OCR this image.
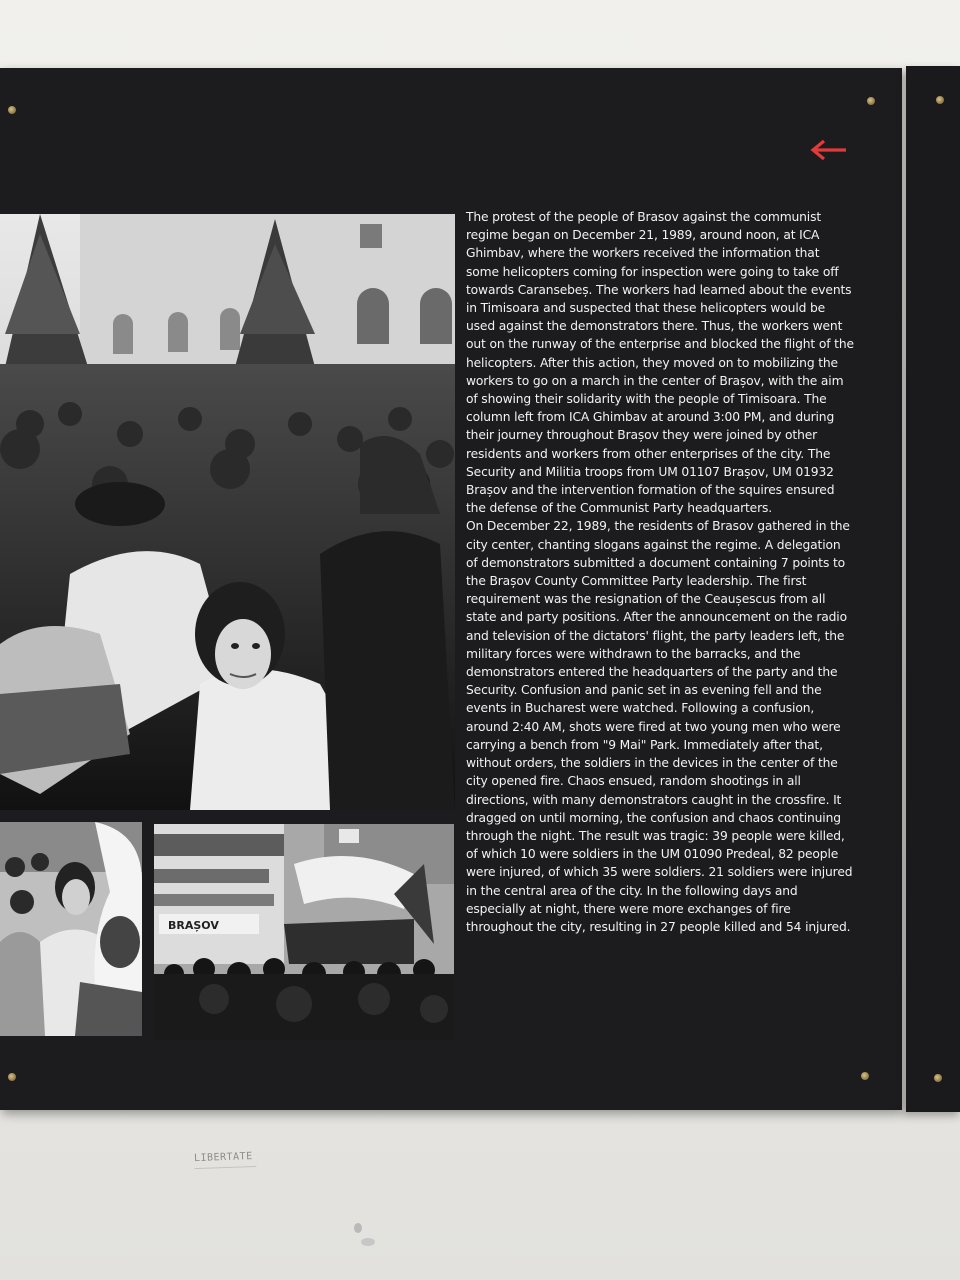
BRAȘOV

The protest of the people of Brasov against the communist regime began on December 21, 1989, around noon, at ICA Ghimbav, where the workers received the information that some helicopters coming for inspection were going to take off towards Caransebeș. The workers had learned about the events in Timisoara and suspected that these helicopters would be used against the demonstrators there. Thus, the workers went out on the runway of the enterprise and blocked the flight of the helicopters. After this action, they moved on to mobilizing the workers to go on a march in the center of Brașov, with the aim of showing their solidarity with the people of Timisoara. The column left from ICA Ghimbav at around 3:00 PM, and during their journey throughout Brașov they were joined by other residents and workers from other enterprises of the city. The Security and Militia troops from UM 01107 Brașov, UM 01932 Brașov and the intervention formation of the squires ensured the defense of the Communist Party headquarters.

On December 22, 1989, the residents of Brasov gathered in the city center, chanting slogans against the regime. A delegation of demonstrators submitted a document containing 7 points to the Brașov County Committee Party leadership. The first requirement was the resignation of the Ceaușescus from all state and party positions. After the announcement on the radio and television of the dictators' flight, the party leaders left, the military forces were withdrawn to the barracks, and the demonstrators entered the headquarters of the party and the Security. Confusion and panic set in as evening fell and the events in Bucharest were watched. Following a confusion, around 2:40 AM, shots were fired at two young men who were carrying a bench from "9 Mai" Park. Immediately after that, without orders, the soldiers in the devices in the center of the city opened fire. Chaos ensued, random shootings in all directions, with many demonstrators caught in the crossfire. It dragged on until morning, the confusion and chaos continuing through the night. The result was tragic: 39 people were killed, of which 10 were soldiers in the UM 01090 Predeal, 82 people were injured, of which 35 were soldiers. 21 soldiers were injured in the central area of the city. In the following days and especially at night, there were more exchanges of fire throughout the city, resulting in 27 people killed and 54 injured.

LIBERTATE
